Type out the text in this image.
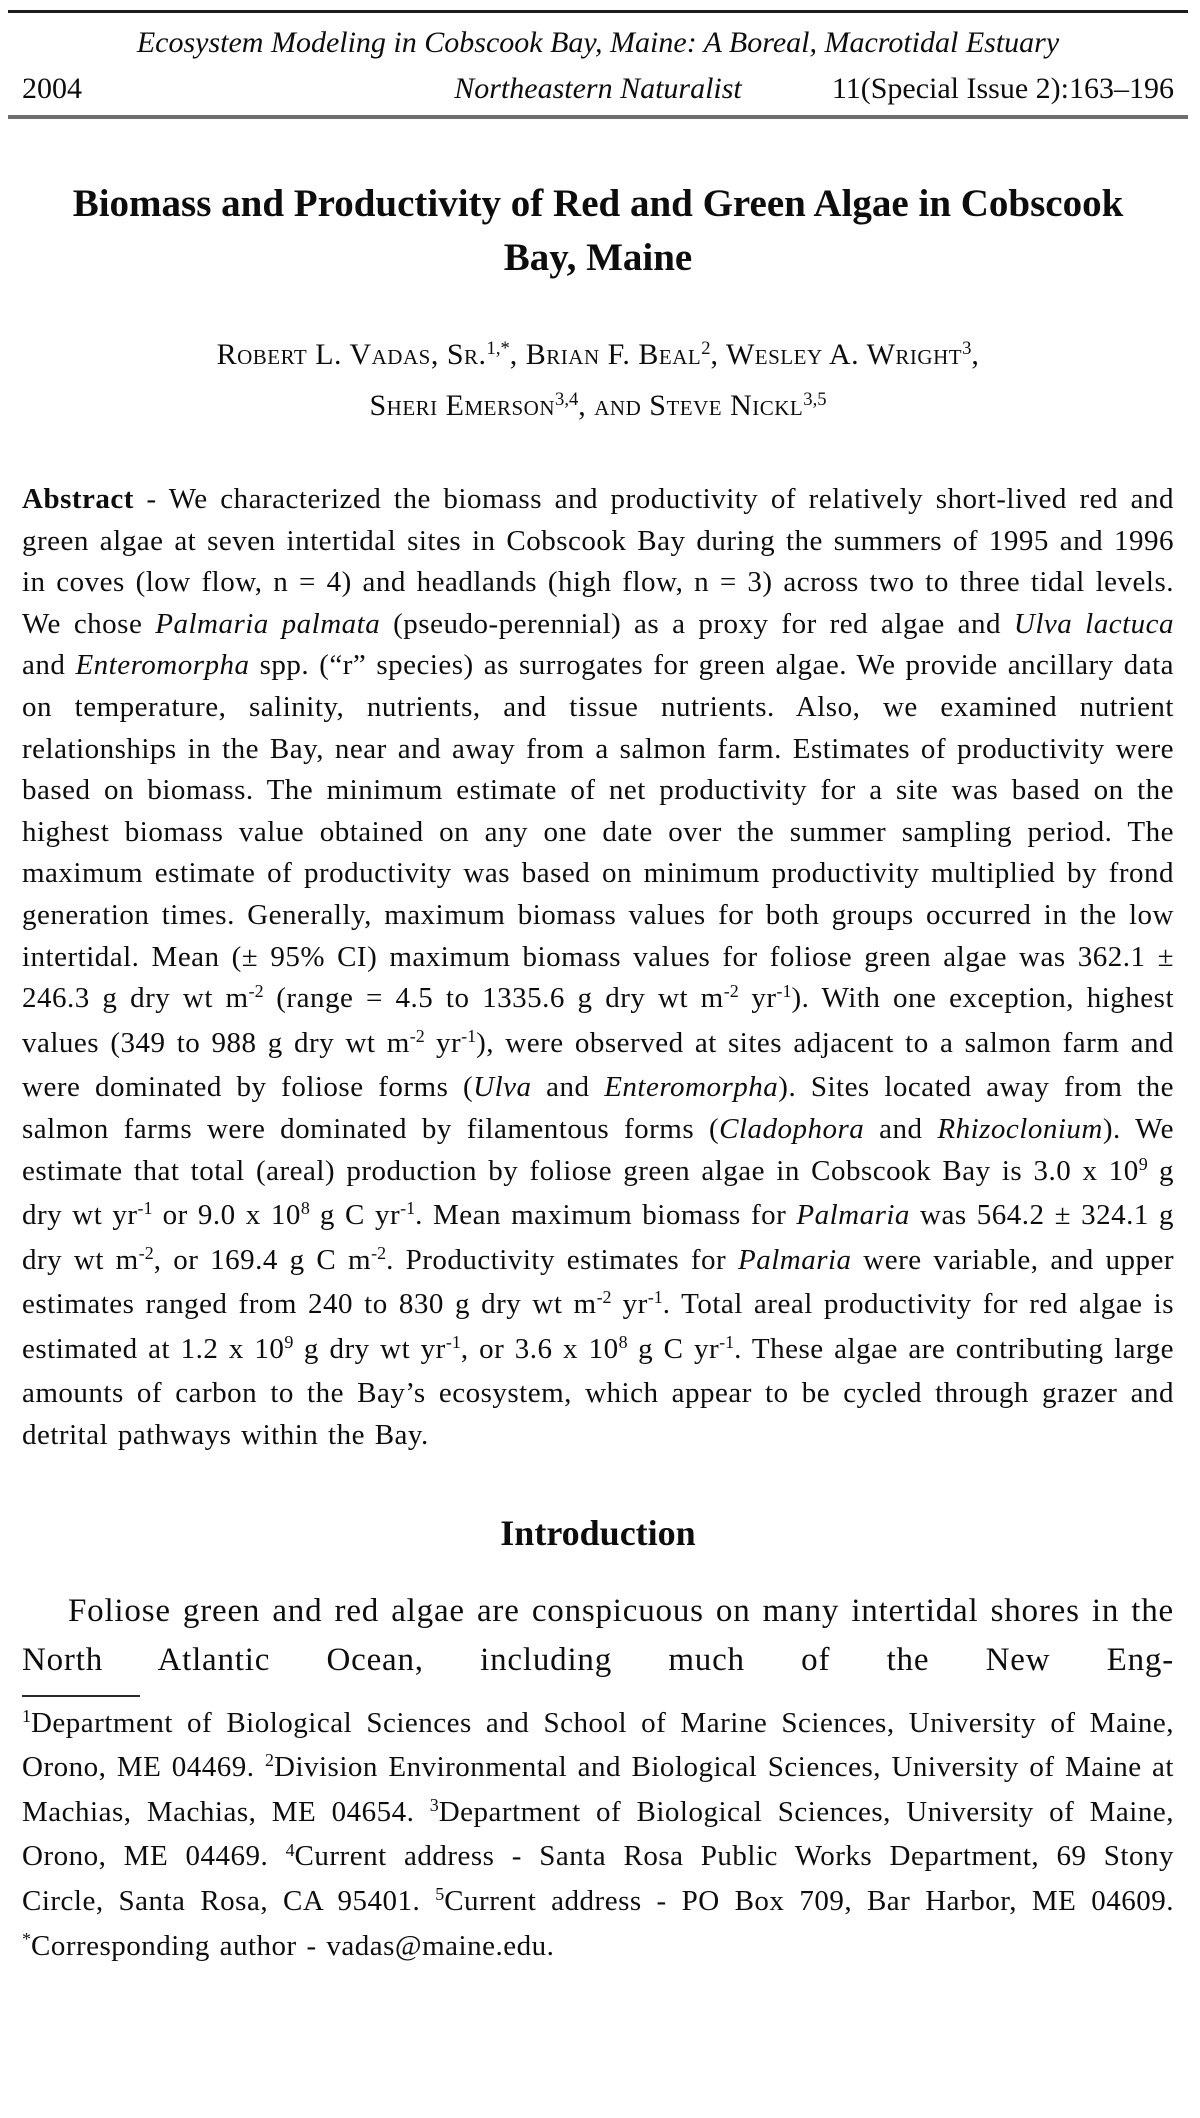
Ecosystem Modeling in Cobscook Bay, Maine: A Boreal, Macrotidal Estuary
2004	Northeastern Naturalist	11(Special Issue 2):163–196
Biomass and Productivity of Red and Green Algae in Cobscook Bay, Maine
Robert L. Vadas, Sr.$^{1,*}$, Brian F. Beal$^2$, Wesley A. Wright$^3$,
Sheri Emerson$^{3,4}$, and Steve Nickl$^{3,5}$

Abstract - We characterized the biomass and productivity of relatively short-lived red and green algae at seven intertidal sites in Cobscook Bay during the summers of 1995 and 1996 in coves (low flow, n = 4) and headlands (high flow, n = 3) across two to three tidal levels. We chose Palmaria palmata (pseudo-perennial) as a proxy for red algae and Ulva lactuca and Enteromorpha spp. (“r” species) as surrogates for green algae. We provide ancillary data on temperature, salinity, nutrients, and tissue nutrients. Also, we examined nutrient relationships in the Bay, near and away from a salmon farm. Estimates of productivity were based on biomass. The minimum estimate of net productivity for a site was based on the highest biomass value obtained on any one date over the summer sampling period. The maximum estimate of productivity was based on minimum productivity multiplied by frond generation times. Generally, maximum biomass values for both groups occurred in the low intertidal. Mean (± 95% CI) maximum biomass values for foliose green algae was 362.1 ± 246.3 g dry wt $m^{-2}$ (range = 4.5 to 1335.6 g dry wt $m^{-2}$ $yr^{-1}$). With one exception, highest values (349 to 988 g dry wt $m^{-2}$ $yr^{-1}$), were observed at sites adjacent to a salmon farm and were dominated by foliose forms (Ulva and Enteromorpha). Sites located away from the salmon farms were dominated by filamentous forms (Cladophora and Rhizoclonium). We estimate that total (areal) production by foliose green algae in Cobscook Bay is 3.0 x $10^9$ g dry wt $yr^{-1}$ or 9.0 x $10^8$ g C $yr^{-1}$. Mean maximum biomass for Palmaria was 564.2 ± 324.1 g dry wt $m^{-2}$, or 169.4 g C $m^{-2}$. Productivity estimates for Palmaria were variable, and upper estimates ranged from 240 to 830 g dry wt $m^{-2}$ $yr^{-1}$. Total areal productivity for red algae is estimated at 1.2 x $10^9$ g dry wt $yr^{-1}$, or 3.6 x $10^8$ g C $yr^{-1}$. These algae are contributing large amounts of carbon to the Bay’s ecosystem, which appear to be cycled through grazer and detrital pathways within the Bay.

Introduction

Foliose green and red algae are conspicuous on many intertidal shores in the North Atlantic Ocean, including much of the New Eng-

$^1$Department of Biological Sciences and School of Marine Sciences, University of Maine, Orono, ME 04469. $^2$Division Environmental and Biological Sciences, University of Maine at Machias, Machias, ME 04654. $^3$Department of Biological Sciences, University of Maine, Orono, ME 04469. $^4$Current address - Santa Rosa Public Works Department, 69 Stony Circle, Santa Rosa, CA 95401. $^5$Current address - PO Box 709, Bar Harbor, ME 04609. *Corresponding author - vadas@maine.edu.
